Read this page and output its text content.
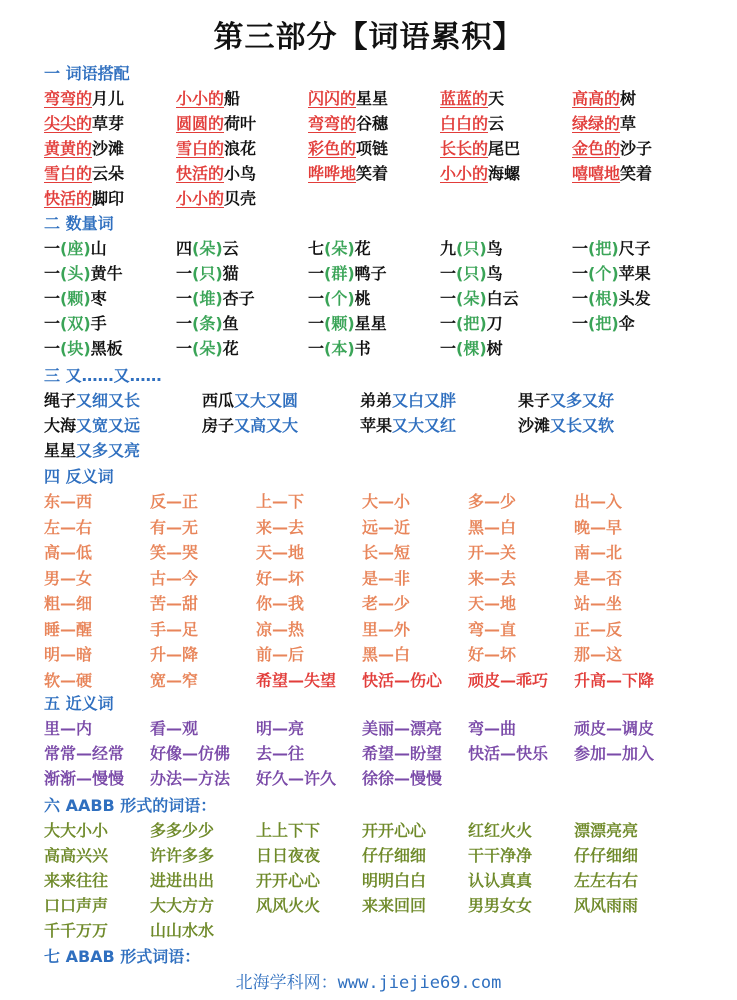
第三部分【词语累积】
一 词语搭配
弯弯的月儿	小小的船	闪闪的星星	蓝蓝的天	高高的树
尖尖的草芽	圆圆的荷叶	弯弯的谷穗	白白的云	绿绿的草
黄黄的沙滩	雪白的浪花	彩色的项链	长长的尾巴	金色的沙子
雪白的云朵	快活的小鸟	哗哗地笑着	小小的海螺	嘻嘻地笑着
快活的脚印	小小的贝壳
二 数量词
一(座)山	四(朵)云	七(朵)花	九(只)鸟	一(把)尺子
一(头)黄牛	一(只)猫	一(群)鸭子	一(只)鸟	一(个)苹果
一(颗)枣	一(堆)杏子	一(个)桃	一(朵)白云	一(根)头发
一(双)手	一(条)鱼	一(颗)星星	一(把)刀	一(把)伞
一(块)黑板	一(朵)花	一(本)书	一(棵)树
三 又……又……
绳子又细又长	西瓜又大又圆	弟弟又白又胖	果子又多又好
大海又宽又远	房子又高又大	苹果又大又红	沙滩又长又软
星星又多又亮
四 反义词
东—西	反—正	上—下	大—小	多—少	出—入
左—右	有—无	来—去	远—近	黑—白	晚—早
高—低	笑—哭	天—地	长—短	开—关	南—北
男—女	古—今	好—坏	是—非	来—去	是—否
粗—细	苦—甜	你—我	老—少	天—地	站—坐
睡—醒	手—足	凉—热	里—外	弯—直	正—反
明—暗	升—降	前—后	黑—白	好—坏	那—这
软—硬	宽—窄	希望—失望 快活—伤心 顽皮—乖巧 升高—下降
五 近义词
里—内	看—观	明—亮	美丽—漂亮 弯—曲	顽皮—调皮
常常—经常 好像—仿佛 去—往	希望—盼望 快活—快乐 参加—加入
渐渐—慢慢 办法—方法 好久—许久 徐徐—慢慢
六 AABB 形式的词语：
大大小小	多多少少	上上下下	开开心心	红红火火	漂漂亮亮
高高兴兴	许许多多	日日夜夜	仔仔细细	干干净净	仔仔细细
来来往往	进进出出	开开心心	明明白白	认认真真	左左右右
口口声声	大大方方	风风火火	来来回回	男男女女	风风雨雨
千千万万	山山水水
七 ABAB 形式词语：
北海学科网：www.jiejie69.com
